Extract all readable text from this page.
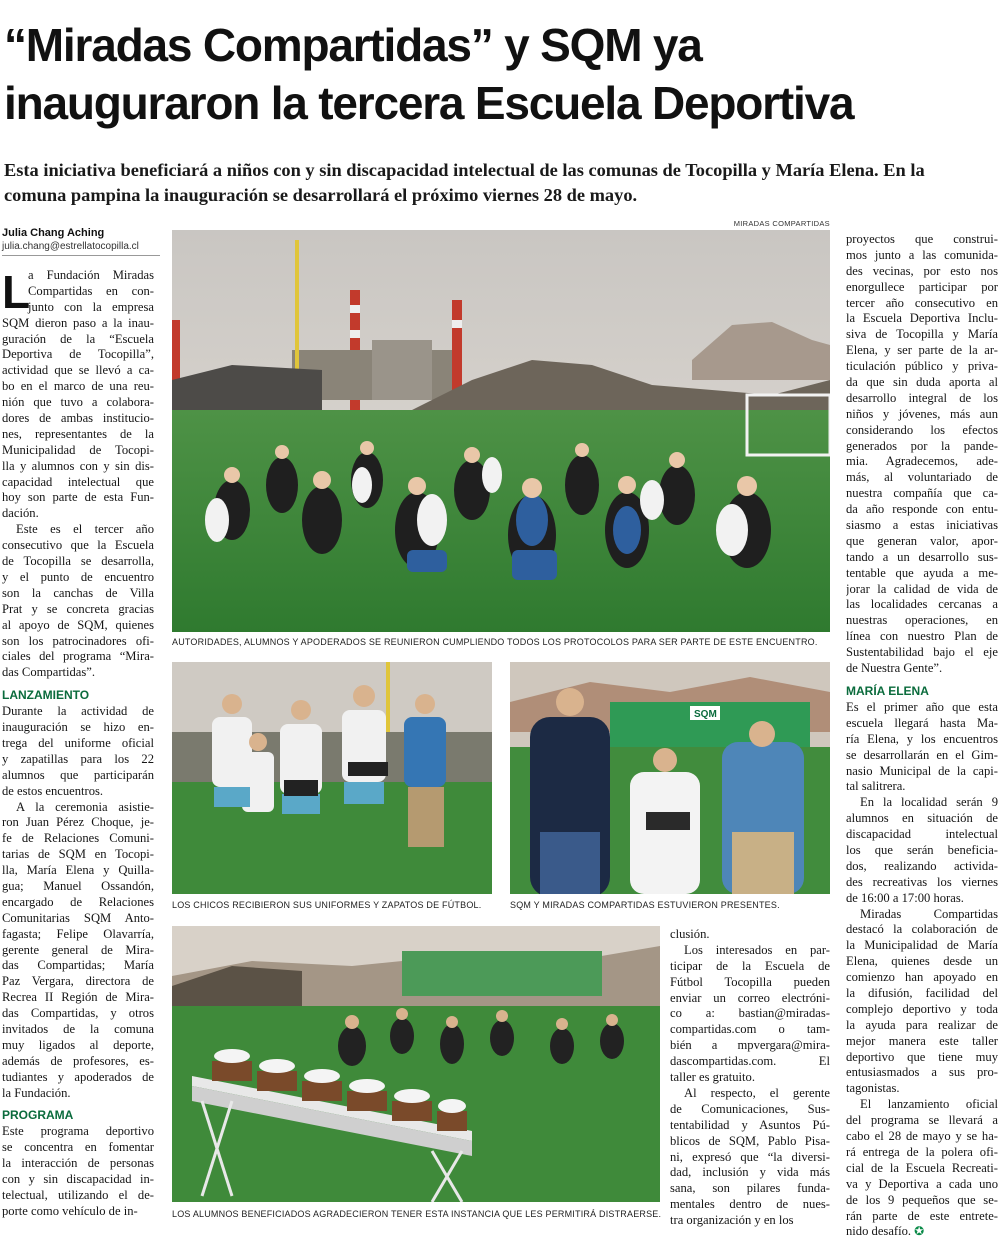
“Miradas Compartidas” y SQM ya
inauguraron la tercera Escuela Deportiva
Esta iniciativa beneficiará a niños con y sin discapacidad intelectual de las comunas de Tocopilla y María Elena. En la
comuna pampina la inauguración se desarrollará el próximo viernes 28 de mayo.
Julia Chang Aching
julia.chang@estrellatocopilla.cl
MIRADAS COMPARTIDAS
L
a Fundación Miradas
Compartidas en con-
junto con la empresa
SQM dieron paso a la inau-
guración de la “Escuela
Deportiva de Tocopilla”,
actividad que se llevó a ca-
bo en el marco de una reu-
nión que tuvo a colabora-
dores de ambas institucio-
nes, representantes de la
Municipalidad de Tocopi-
lla y alumnos con y sin dis-
capacidad intelectual que
hoy son parte de esta Fun-
dación.
Este es el tercer año
consecutivo que la Escuela
de Tocopilla se desarrolla,
y el punto de encuentro
son la canchas de Villa
Prat y se concreta gracias
al apoyo de SQM, quienes
son los patrocinadores ofi-
ciales del programa “Mira-
das Compartidas”.
LANZAMIENTO
Durante la actividad de
inauguración se hizo en-
trega del uniforme oficial
y zapatillas para los 22
alumnos que participarán
de estos encuentros.
A la ceremonia asistie-
ron Juan Pérez Choque, je-
fe de Relaciones Comuni-
tarias de SQM en Tocopi-
lla, María Elena y Quilla-
gua; Manuel Ossandón,
encargado de Relaciones
Comunitarias SQM Anto-
fagasta; Felipe Olavarría,
gerente general de Mira-
das Compartidas; María
Paz Vergara, directora de
Recrea II Región de Mira-
das Compartidas, y otros
invitados de la comuna
muy ligados al deporte,
además de profesores, es-
tudiantes y apoderados de
la Fundación.
PROGRAMA
Este programa deportivo
se concentra en fomentar
la interacción de personas
con y sin discapacidad in-
telectual, utilizando el de-
porte como vehículo de in-
AUTORIDADES, ALUMNOS Y APODERADOS SE REUNIERON CUMPLIENDO TODOS LOS PROTOCOLOS PARA SER PARTE DE ESTE ENCUENTRO.
LOS CHICOS RECIBIERON SUS UNIFORMES Y ZAPATOS DE FÚTBOL.
SQM
SQM Y MIRADAS COMPARTIDAS ESTUVIERON PRESENTES.
LOS ALUMNOS BENEFICIADOS AGRADECIERON TENER ESTA INSTANCIA QUE LES PERMITIRÁ DISTRAERSE.
clusión.
Los interesados en par-
ticipar de la Escuela de
Fútbol Tocopilla pueden
enviar un correo electróni-
co a: bastian@miradas-
compartidas.com o tam-
bién a mpvergara@mira-
dascompartidas.com. El
taller es gratuito.
Al respecto, el gerente
de Comunicaciones, Sus-
tentabilidad y Asuntos Pú-
blicos de SQM, Pablo Pisa-
ni, expresó que “la diversi-
dad, inclusión y vida más
sana, son pilares funda-
mentales dentro de nues-
tra organización y en los
proyectos que construi-
mos junto a las comunida-
des vecinas, por esto nos
enorgullece participar por
tercer año consecutivo en
la Escuela Deportiva Inclu-
siva de Tocopilla y María
Elena, y ser parte de la ar-
ticulación público y priva-
da que sin duda aporta al
desarrollo integral de los
niños y jóvenes, más aun
considerando los efectos
generados por la pande-
mia. Agradecemos, ade-
más, al voluntariado de
nuestra compañía que ca-
da año responde con entu-
siasmo a estas iniciativas
que generan valor, apor-
tando a un desarrollo sus-
tentable que ayuda a me-
jorar la calidad de vida de
las localidades cercanas a
nuestras operaciones, en
línea con nuestro Plan de
Sustentabilidad bajo el eje
de Nuestra Gente”.
MARÍA ELENA
Es el primer año que esta
escuela llegará hasta Ma-
ría Elena, y los encuentros
se desarrollarán en el Gim-
nasio Municipal de la capi-
tal salitrera.
En la localidad serán 9
alumnos en situación de
discapacidad intelectual
los que serán beneficia-
dos, realizando activida-
des recreativas los viernes
de 16:00 a 17:00 horas.
Miradas Compartidas
destacó la colaboración de
la Municipalidad de María
Elena, quienes desde un
comienzo han apoyado en
la difusión, facilidad del
complejo deportivo y toda
la ayuda para realizar de
mejor manera este taller
deportivo que tiene muy
entusiasmados a sus pro-
tagonistas.
El lanzamiento oficial
del programa se llevará a
cabo el 28 de mayo y se ha-
rá entrega de la polera ofi-
cial de la Escuela Recreati-
va y Deportiva a cada uno
de los 9 pequeños que se-
rán parte de este entrete-
nido desafío. ✪
